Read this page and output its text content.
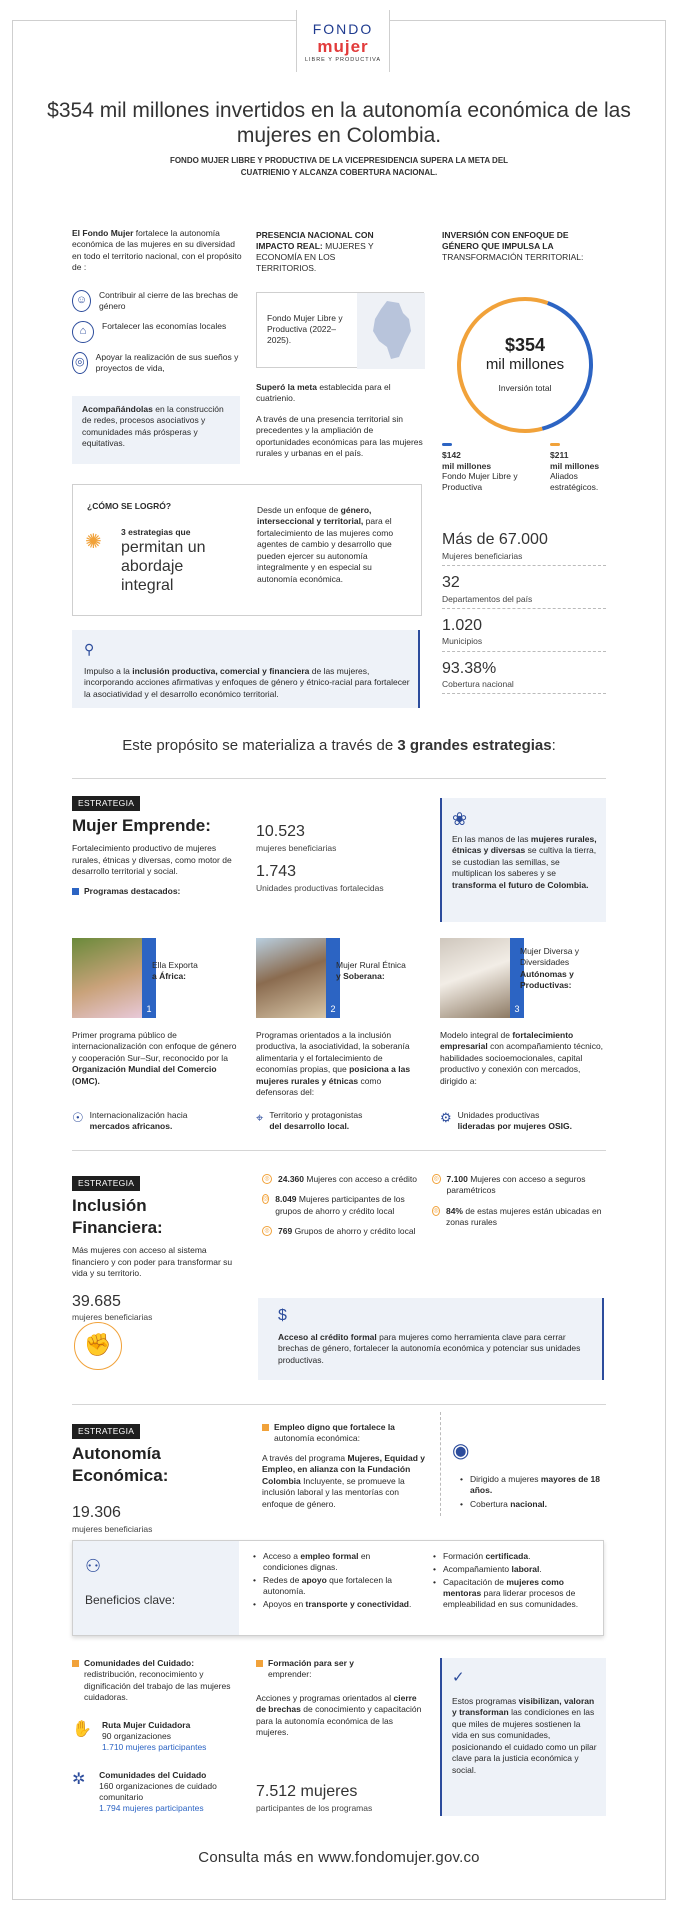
FONDO
mujer
LIBRE Y PRODUCTIVA
$354 mil millones invertidos en la autonomía económica de las mujeres en Colombia.
FONDO MUJER LIBRE Y PRODUCTIVA DE LA VICEPRESIDENCIA SUPERA LA META DEL CUATRIENIO Y ALCANZA COBERTURA NACIONAL.
El Fondo Mujer fortalece la autonomía económica de las mujeres en su diversidad en todo el territorio nacional, con el propósito de :
☺	Contribuir al cierre de las brechas de género
⌂	Fortalecer las economías locales
◎	Apoyar la realización de sus sueños y proyectos de vida,
Acompañándolas en la construcción de redes, procesos asociativos y comunidades más prósperas y equitativas.
PRESENCIA NACIONAL CON IMPACTO REAL: MUJERES Y ECONOMÍA EN LOS TERRITORIOS.
Fondo Mujer Libre y Productiva (2022–2025).
Superó la meta establecida para el cuatrienio.
A través de una presencia territorial sin precedentes y la ampliación de oportunidades económicas para las mujeres rurales y urbanas en el país.
¿CÓMO SE LOGRÓ?
✺ 3 estrategias que
permitan un abordaje integral
Desde un enfoque de género, interseccional y territorial, para el fortalecimiento de las mujeres como agentes de cambio y desarrollo que pueden ejercer su autonomía integralmente y en especial su autonomía económica.
INVERSIÓN CON ENFOQUE DE GÉNERO QUE IMPULSA LA TRANSFORMACIÓN TERRITORIAL:
$354
mil millones
Inversión total
$142
mil millones
Fondo Mujer Libre y Productiva
$211
mil millones
Aliados estratégicos.
Más de 67.000
Mujeres beneficiarias
32
Departamentos del país
1.020
Municipios
93.38%
Cobertura nacional
⚲
Impulso a la inclusión productiva, comercial y financiera de las mujeres, incorporando acciones afirmativas y enfoques de género y étnico-racial para fortalecer la asociatividad y el desarrollo económico territorial.
Este propósito se materializa a través de 3 grandes estrategias:
ESTRATEGIA
Mujer Emprende:
Fortalecimiento productivo de mujeres rurales, étnicas y diversas, como motor de desarrollo territorial y social.
Programas destacados:
10.523
mujeres beneficiarias
1.743
Unidades productivas fortalecidas
❀
En las manos de las mujeres rurales, étnicas y diversas se cultiva la tierra, se custodian las semillas, se multiplican los saberes y se transforma el futuro de Colombia.
1
Ella Exporta
a África:
Primer programa público de internacionalización con enfoque de género y cooperación Sur–Sur, reconocido por la Organización Mundial del Comercio (OMC).
☉ Internacionalización hacia
mercados africanos.
2
Mujer Rural Étnica
y Soberana:
Programas orientados a la inclusión productiva, la asociatividad, la soberanía alimentaria y el fortalecimiento de economías propias, que posiciona a las mujeres rurales y étnicas como defensoras del:
⌖ Territorio y protagonistas
del desarrollo local.
3
Mujer Diversa y Diversidades
Autónomas y Productivas:
Modelo integral de fortalecimiento empresarial con acompañamiento técnico, habilidades socioemocionales, capital productivo y conexión con mercados, dirigido a:
⚙ Unidades productivas
lideradas por mujeres OSIG.
ESTRATEGIA
Inclusión Financiera:
Más mujeres con acceso al sistema financiero y con poder para transformar su vida y su territorio.
39.685
mujeres beneficiarias
✊
◎ 24.360 Mujeres con acceso a crédito
◎ 8.049 Mujeres participantes de los grupos de ahorro y crédito local
◎ 769 Grupos de ahorro y crédito local
◎ 7.100 Mujeres con acceso a seguros paramétricos
◎ 84% de estas mujeres están ubicadas en zonas rurales
$
Acceso al crédito formal para mujeres como herramienta clave para cerrar brechas de género, fortalecer la autonomía económica y potenciar sus unidades productivas.
ESTRATEGIA
Autonomía Económica:
19.306
mujeres beneficiarias
Empleo digno que fortalece la
autonomía económica:
A través del programa Mujeres, Equidad y Empleo, en alianza con la Fundación Colombia Incluyente, se promueve la inclusión laboral y las mentorías con enfoque de género.
◉
• Dirigido a mujeres mayores de 18 años.
• Cobertura nacional.
⚇
Beneficios clave:
• Acceso a empleo formal en condiciones dignas.
• Redes de apoyo que fortalecen la autonomía.
• Apoyos en transporte y conectividad.
• Formación certificada.
• Acompañamiento laboral.
• Capacitación de mujeres como mentoras para liderar procesos de empleabilidad en sus comunidades.
Comunidades del Cuidado:
redistribución, reconocimiento y dignificación del trabajo de las mujeres cuidadoras.
✋ Ruta Mujer Cuidadora
90 organizaciones
1.710 mujeres participantes
✲	Comunidades del Cuidado
160 organizaciones de cuidado comunitario
1.794 mujeres participantes
Formación para ser y
emprender:
Acciones y programas orientados al cierre de brechas de conocimiento y capacitación para la autonomía económica de las mujeres.
7.512 mujeres
participantes de los programas
✓
Estos programas visibilizan, valoran y transforman las condiciones en las que miles de mujeres sostienen la vida en sus comunidades, posicionando el cuidado como un pilar clave para la justicia económica y social.
Consulta más en www.fondomujer.gov.co
